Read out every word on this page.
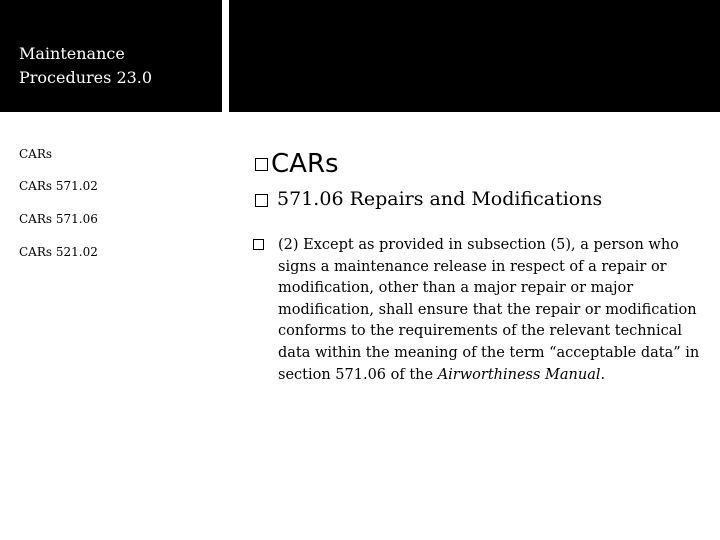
Maintenance Procedures 23.0
CARs
CARs 571.02
CARs 571.06
CARs 521.02
CARs
571.06 Repairs and Modifications
(2) Except as provided in subsection (5), a person who signs a maintenance release in respect of a repair or modification, other than a major repair or major modification, shall ensure that the repair or modification conforms to the requirements of the relevant technical data within the meaning of the term “acceptable data” in section 571.06 of the Airworthiness Manual.
